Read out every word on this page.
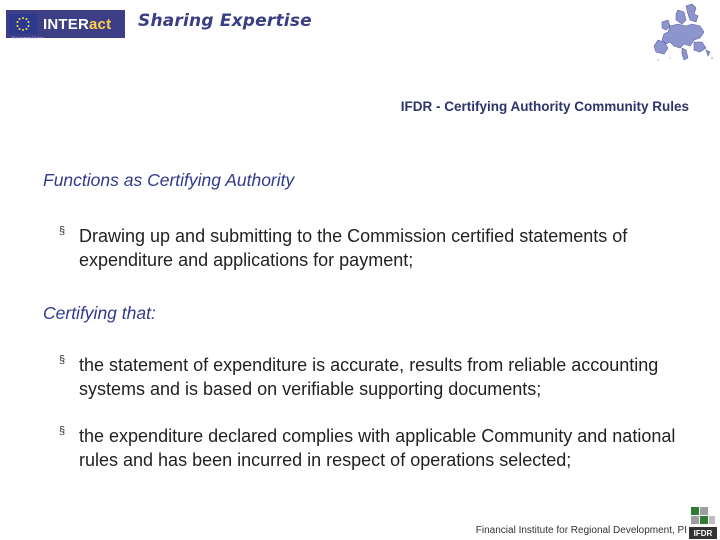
European Union
INTERact Sharing Expertise
IFDR - Certifying Authority Community Rules
Functions as Certifying Authority
§ Drawing up and submitting to the Commission certified statements of expenditure and applications for payment;
Certifying that:
§ the statement of expenditure is accurate, results from reliable accounting systems and is based on verifiable supporting documents;
§ the expenditure declared complies with applicable Community and national rules and has been incurred in respect of operations selected;
Financial Institute for Regional Development, PI IFDR
